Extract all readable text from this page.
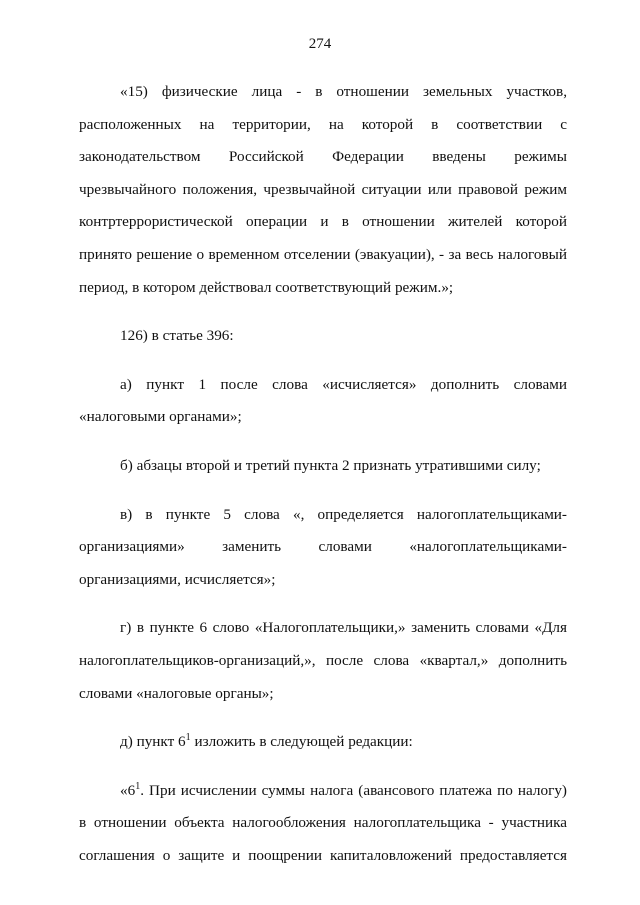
274

«15) физические лица - в отношении земельных участков, расположенных на территории, на которой в соответствии с законодательством Российской Федерации введены режимы чрезвычайного положения, чрезвычайной ситуации или правовой режим контртеррористической операции и в отношении жителей которой принято решение о временном отселении (эвакуации), - за весь налоговый период, в котором действовал соответствующий режим.»;

126) в статье 396:

а) пункт 1 после слова «исчисляется» дополнить словами «налоговыми органами»;

б) абзацы второй и третий пункта 2 признать утратившими силу;

в) в пункте 5 слова «, определяется налогоплательщиками-организациями» заменить словами «налогоплательщиками-организациями, исчисляется»;

г) в пункте 6 слово «Налогоплательщики,» заменить словами «Для налогоплательщиков-организаций,», после слова «квартал,» дополнить словами «налоговые органы»;

д) пункт $6^1$ изложить в следующей редакции:

«$6^1$. При исчислении суммы налога (авансового платежа по налогу) в отношении объекта налогообложения налогоплательщика - участника соглашения о защите и поощрении капиталовложений предоставляется
